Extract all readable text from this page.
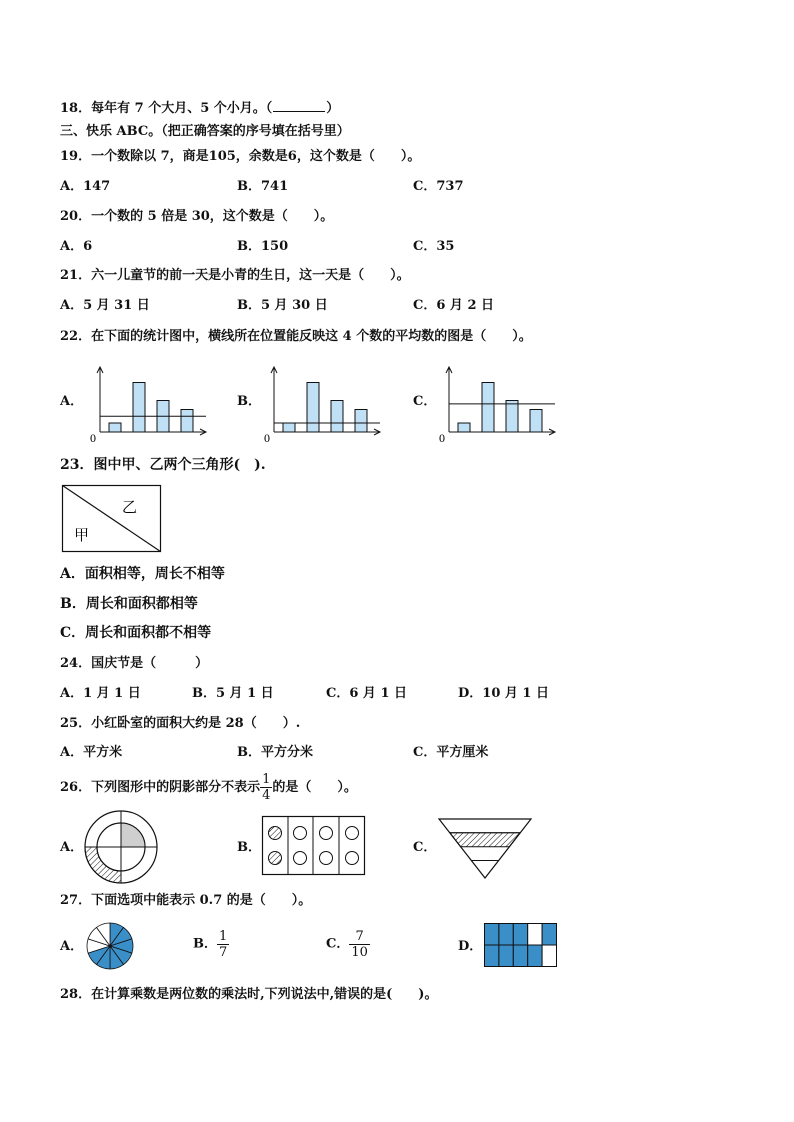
18．每年有 7 个大月、5 个小月。（	）
三、快乐 ABC。（把正确答案的序号填在括号里）
19．一个数除以 7，商是105，余数是6，这个数是（　　）。
A．147	B．741	C．737
20．一个数的 5 倍是 30，这个数是（　　）。
A．6	B．150	C．35
21．六一儿童节的前一天是小青的生日，这一天是（　　）。
A．5 月 31 日	B．5 月 30 日	C．6 月 2 日
22．在下面的统计图中，横线所在位置能反映这 4 个数的平均数的图是（　　）。
A．	B．	C．
0	0	0
23．图中甲、乙两个三角形(　).
乙
甲
A．面积相等，周长不相等
B．周长和面积都相等
C．周长和面积都不相等
24．国庆节是（　　　）
A．1 月 1 日	B．5 月 1 日	C．6 月 1 日	D．10 月 1 日
25．小红卧室的面积大约是 28（　　）.
A．平方米	B．平方分米	C．平方厘米
26．下列图形中的阴影部分不表示 $\frac{1}{4}$ 的是（　　）。
A．	B．	C．
27．下面选项中能表示 0.7 的是（　　）。
A．	B． $\frac{1}{7}$	C． $\frac{7}{10}$	D．
28．在计算乘数是两位数的乘法时,下列说法中,错误的是(　　)。
